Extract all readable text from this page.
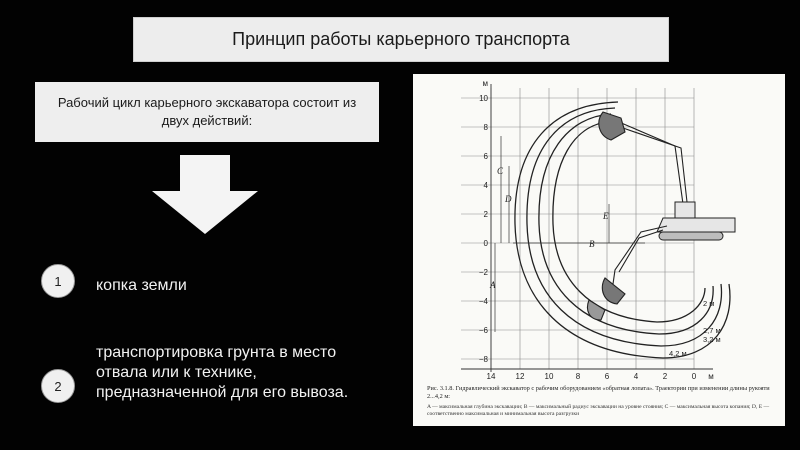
Принцип работы карьерного транспорта
Рабочий цикл карьерного экскаватора состоит из двух действий:
1 копка земли
2
транспортировка грунта в место отвала или к технике, предназначенной для его вывоза.
м
10
8
6
4
2
0
−2
−4
−6
−8
14	12	10	8	6	4	2	0 м
C
D
E
A
B
2 м
2,7 м
3,2 м
4,2 м
Рис. 3.1.8. Гидравлический экскаватор с рабочим оборудованием «обратная лопата». Траектории при изменении длины рукояти 2...4,2 м:
A — максимальная глубина экскавации; B — максимальный радиус экскавации на уровне стояния; C — максимальная высота копания; D, E — соответственно максимальная и минимальная высота разгрузки
